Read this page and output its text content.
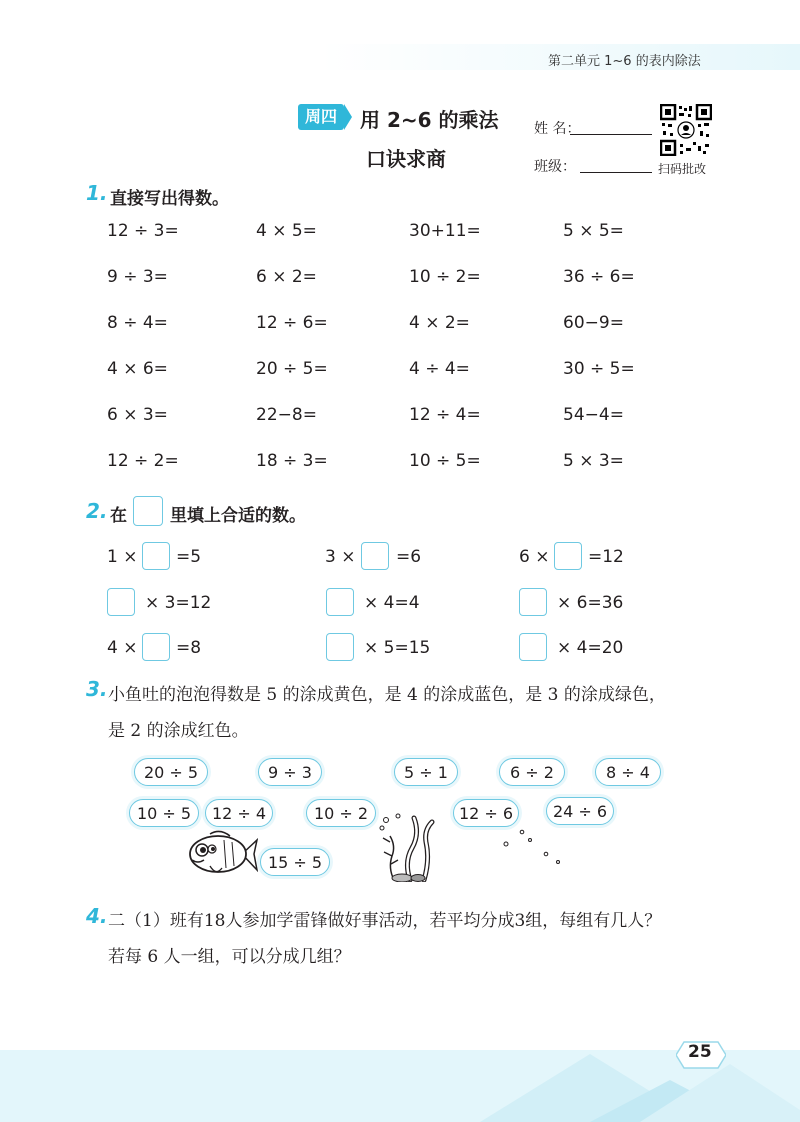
第二单元 1~6 的表内除法
周四	用 2~6 的乘法
口诀求商
姓 名：
班级：	扫码批改
1. 直接写出得数。
12 ÷ 3=	4 × 5=	30+11=	5 × 5=
9 ÷ 3=	6 × 2=	10 ÷ 2=	36 ÷ 6=
8 ÷ 4=	12 ÷ 6=	4 × 2=	60−9=
4 × 6=	20 ÷ 5=	4 ÷ 4=	30 ÷ 5=
6 × 3=	22−8=	12 ÷ 4=	54−4=
12 ÷ 2=	18 ÷ 3=	10 ÷ 5=	5 × 3=
2. 在	里填上合适的数。
1 × =5	3 × =6	6 × =12
× 3=12	× 4=4	× 6=36
4 × =8	× 5=15	× 4=20
3. 小鱼吐的泡泡得数是 5 的涂成黄色，是 4 的涂成蓝色，是 3 的涂成绿色，
是 2 的涂成红色。
20 ÷ 5	9 ÷ 3	5 ÷ 1	6 ÷ 2	8 ÷ 4
10 ÷ 5	12 ÷ 4	10 ÷ 2	12 ÷ 6	24 ÷ 6
15 ÷ 5
4. 二（1）班有18人参加学雷锋做好事活动，若平均分成3组，每组有几人？
若每 6 人一组，可以分成几组？
25
